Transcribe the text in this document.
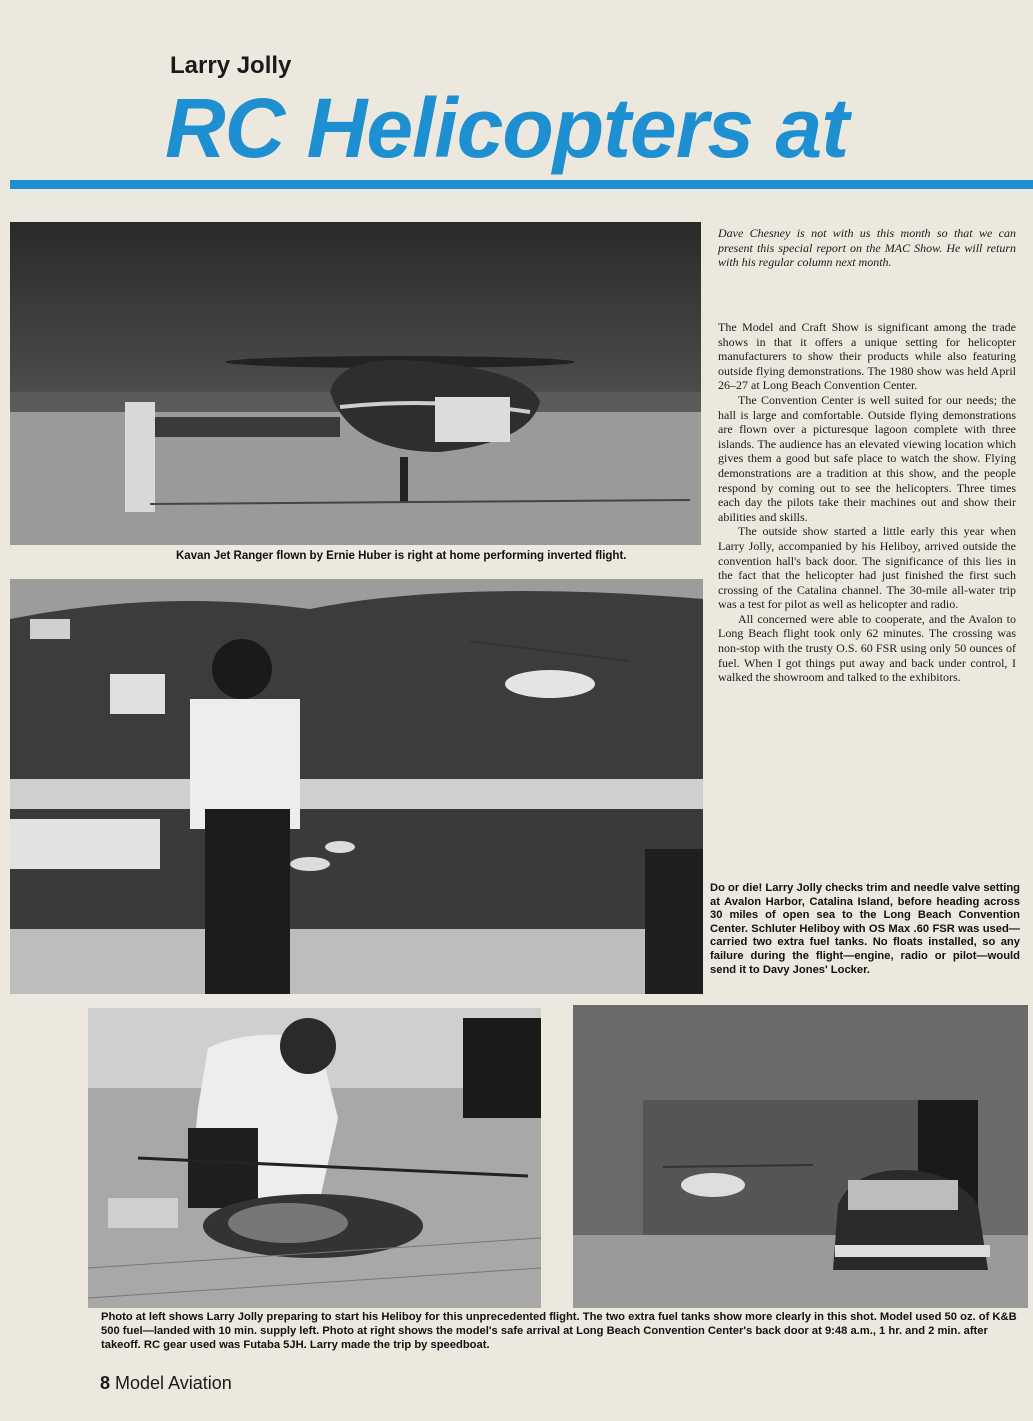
Larry Jolly
RC Helicopters at
Kavan Jet Ranger flown by Ernie Huber is right at home performing inverted flight.
Do or die! Larry Jolly checks trim and needle valve setting at Avalon Harbor, Catalina Island, before heading across 30 miles of open sea to the Long Beach Convention Center. Schluter Heliboy with OS Max .60 FSR was used—carried two extra fuel tanks. No floats installed, so any failure during the flight—engine, radio or pilot—would send it to Davy Jones' Locker.
Photo at left shows Larry Jolly preparing to start his Heliboy for this unprecedented flight. The two extra fuel tanks show more clearly in this shot. Model used 50 oz. of K&B 500 fuel—landed with 10 min. supply left. Photo at right shows the model's safe arrival at Long Beach Convention Center's back door at 9:48 a.m., 1 hr. and 2 min. after takeoff. RC gear used was Futaba 5JH. Larry made the trip by speedboat.
Dave Chesney is not with us this month so that we can present this special report on the MAC Show. He will return with his regular column next month.

The Model and Craft Show is significant among the trade shows in that it offers a unique setting for helicopter manufacturers to show their products while also featuring outside flying demonstrations. The 1980 show was held April 26–27 at Long Beach Convention Center.

The Convention Center is well suited for our needs; the hall is large and comfortable. Outside flying demonstrations are flown over a picturesque lagoon complete with three islands. The audience has an elevated viewing location which gives them a good but safe place to watch the show. Flying demonstrations are a tradition at this show, and the people respond by coming out to see the helicopters. Three times each day the pilots take their machines out and show their abilities and skills.

The outside show started a little early this year when Larry Jolly, accompanied by his Heliboy, arrived outside the convention hall's back door. The significance of this lies in the fact that the helicopter had just finished the first such crossing of the Catalina channel. The 30-mile all-water trip was a test for pilot as well as helicopter and radio.

All concerned were able to cooperate, and the Avalon to Long Beach flight took only 62 minutes. The crossing was non-stop with the trusty O.S. 60 FSR using only 50 ounces of fuel. When I got things put away and back under control, I walked the showroom and talked to the exhibitors.

8 Model Aviation
